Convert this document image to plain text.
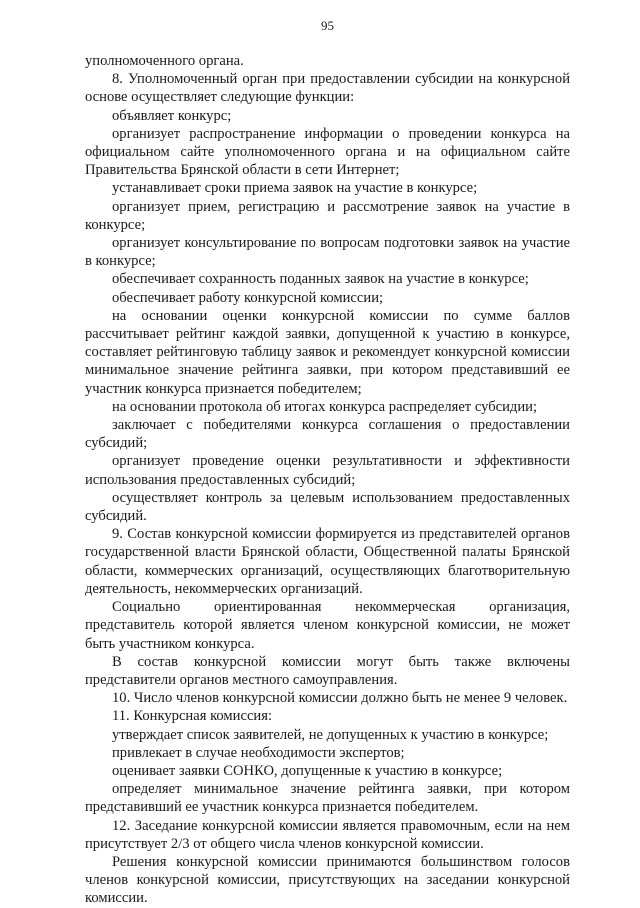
95

уполномоченного органа.

8. Уполномоченный орган при предоставлении субсидии на конкурсной основе осуществляет следующие функции:

объявляет конкурс;

организует распространение информации о проведении конкурса на официальном сайте уполномоченного органа и на официальном сайте Правительства Брянской области в сети Интернет;

устанавливает сроки приема заявок на участие в конкурсе;

организует прием, регистрацию и рассмотрение заявок на участие в конкурсе;

организует консультирование по вопросам подготовки заявок на участие в конкурсе;

обеспечивает сохранность поданных заявок на участие в конкурсе;

обеспечивает работу конкурсной комиссии;

на основании оценки конкурсной комиссии по сумме баллов рассчитывает рейтинг каждой заявки, допущенной к участию в конкурсе, составляет рейтинговую таблицу заявок и рекомендует конкурсной комиссии минимальное значение рейтинга заявки, при котором представивший ее участник конкурса признается победителем;

на основании протокола об итогах конкурса распределяет субсидии;

заключает с победителями конкурса соглашения о предоставлении субсидий;

организует проведение оценки результативности и эффективности использования предоставленных субсидий;

осуществляет контроль за целевым использованием предоставленных субсидий.

9. Состав конкурсной комиссии формируется из представителей органов государственной власти Брянской области, Общественной палаты Брянской области, коммерческих организаций, осуществляющих благотворительную деятельность, некоммерческих организаций.

Социально ориентированная некоммерческая организация, представитель которой является членом конкурсной комиссии, не может быть участником конкурса.

В состав конкурсной комиссии могут быть также включены представители органов местного самоуправления.

10. Число членов конкурсной комиссии должно быть не менее 9 человек.

11. Конкурсная комиссия:

утверждает список заявителей, не допущенных к участию в конкурсе;

привлекает в случае необходимости экспертов;

оценивает заявки СОНКО, допущенные к участию в конкурсе;

определяет минимальное значение рейтинга заявки, при котором представивший ее участник конкурса признается победителем.

12. Заседание конкурсной комиссии является правомочным, если на нем присутствует 2/3 от общего числа членов конкурсной комиссии.

Решения конкурсной комиссии принимаются большинством голосов членов конкурсной комиссии, присутствующих на заседании конкурсной комиссии.
